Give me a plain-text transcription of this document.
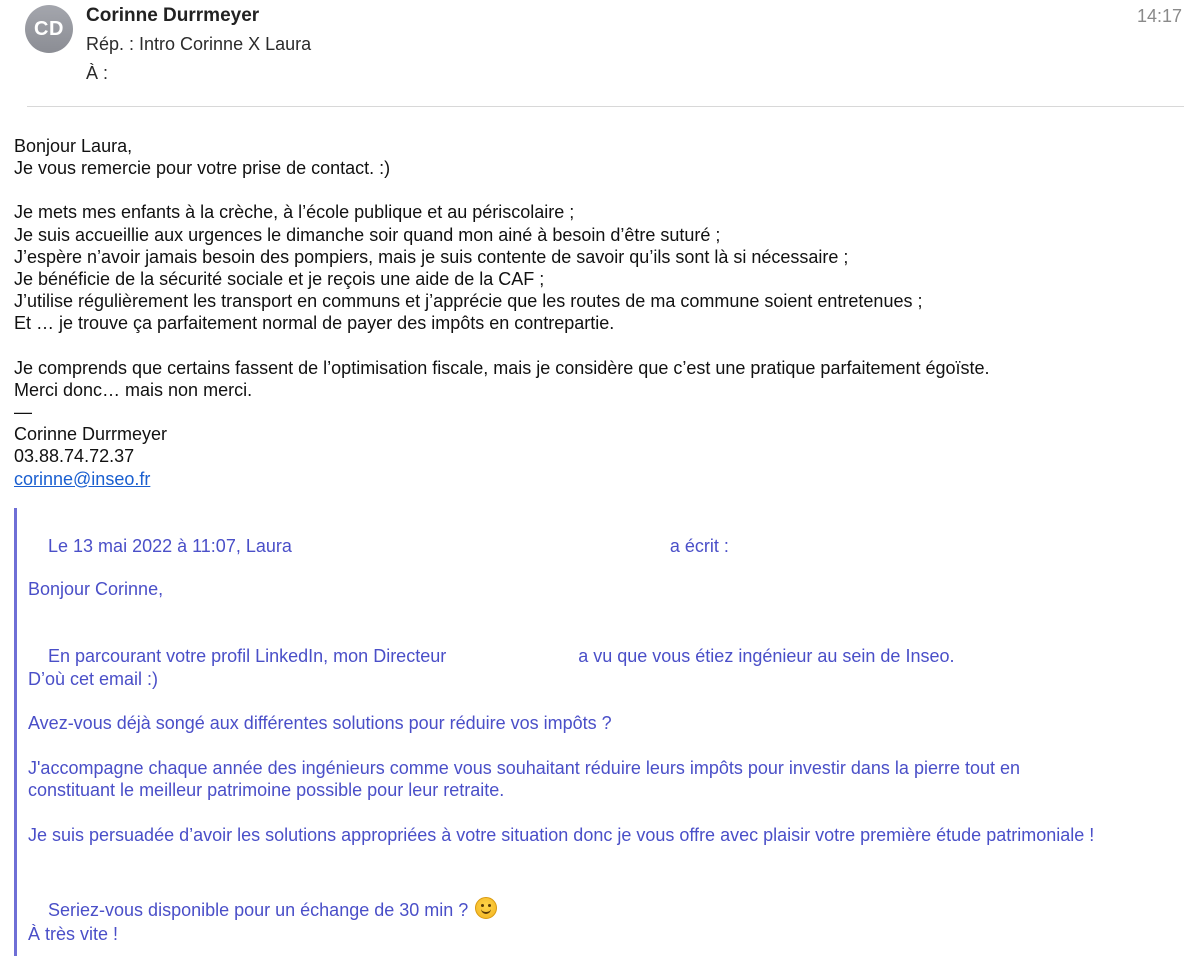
CD
Corinne Durrmeyer
Rép. : Intro Corinne X Laura
À :
14:17
Bonjour Laura,
Je vous remercie pour votre prise de contact. :)
Je mets mes enfants à la crèche, à l’école publique et au périscolaire ;
Je suis accueillie aux urgences le dimanche soir quand mon ainé à besoin d’être suturé ;
J’espère n’avoir jamais besoin des pompiers, mais je suis contente de savoir qu’ils sont là si nécessaire ;
Je bénéficie de la sécurité sociale et je reçois une aide de la CAF ;
J’utilise régulièrement les transport en communs et j’apprécie que les routes de ma commune soient entretenues ;
Et … je trouve ça parfaitement normal de payer des impôts en contrepartie.
Je comprends que certains fassent de l’optimisation fiscale, mais je considère que c’est une pratique parfaitement égoïste.
Merci donc… mais non merci.
—
Corinne Durrmeyer
03.88.74.72.37
corinne@inseo.fr

Le 13 mai 2022 à 11:07, Laura	a écrit :

Bonjour Corinne,

En parcourant votre profil LinkedIn, mon Directeur	a vu que vous étiez ingénieur au sein de Inseo.

D’où cet email :)
Avez-vous déjà songé aux différentes solutions pour réduire vos impôts ?
J'accompagne chaque année des ingénieurs comme vous souhaitant réduire leurs impôts pour investir dans la pierre tout en
constituant le meilleur patrimoine possible pour leur retraite.
Je suis persuadée d’avoir les solutions appropriées à votre situation donc je vous offre avec plaisir votre première étude patrimoniale !

Seriez-vous disponible pour un échange de 30 min ?

À très vite !
